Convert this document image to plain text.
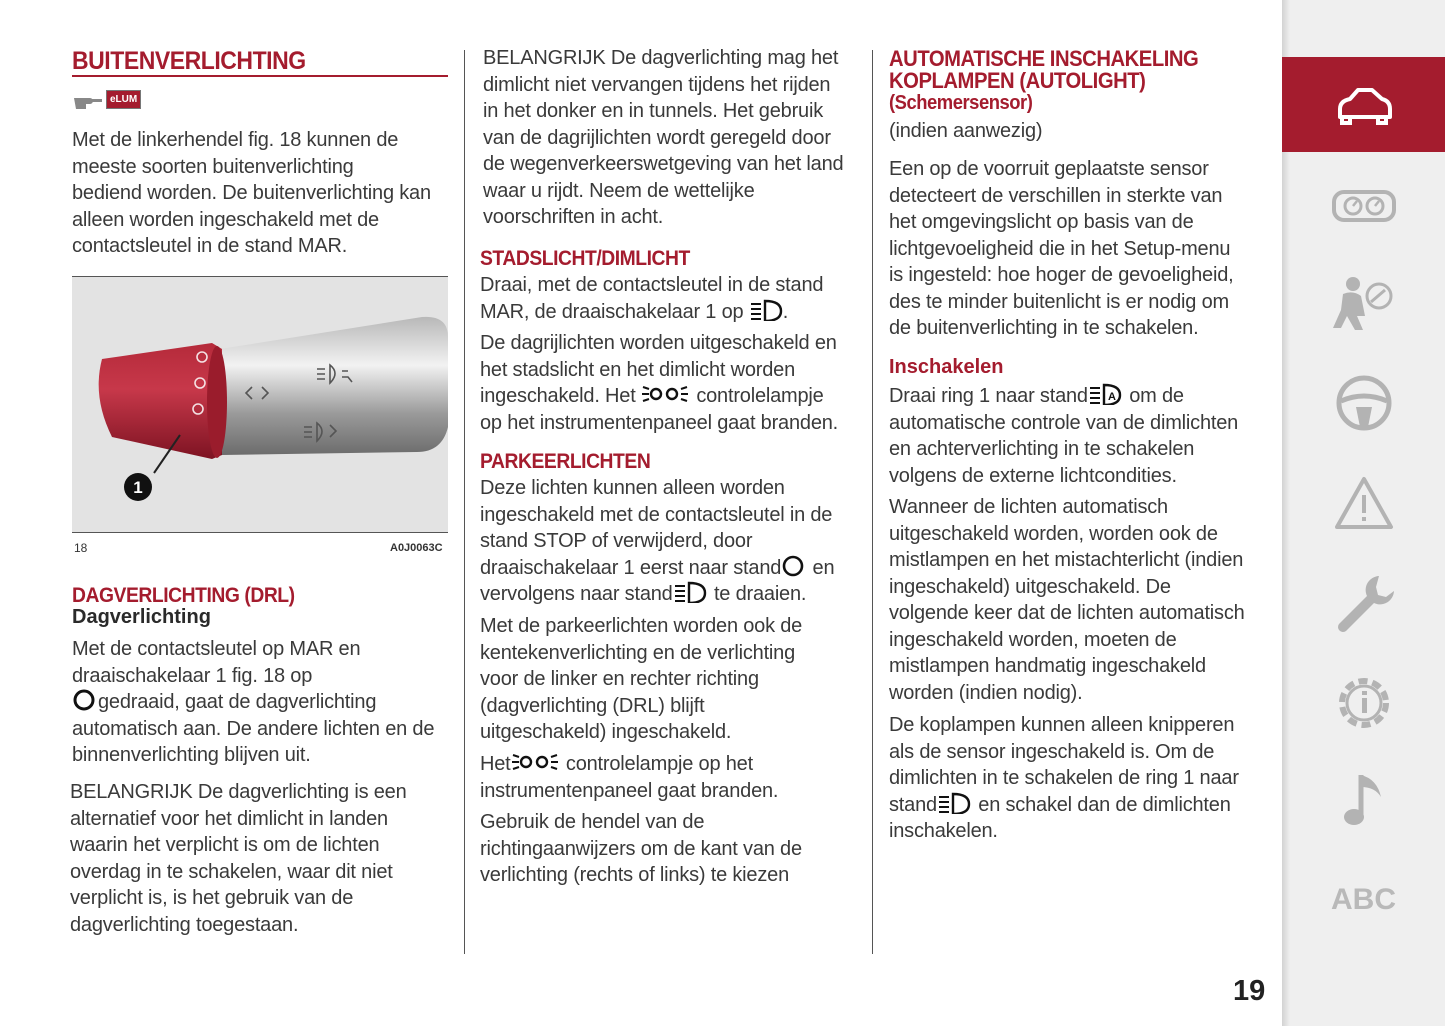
BUITENVERLICHTING
eLUM
Met de linkerhendel fig. 18 kunnen de
meeste soorten buitenverlichting
bediend worden. De buitenverlichting kan
alleen worden ingeschakeld met de
contactsleutel in de stand MAR.
1
18	A0J0063C
DAGVERLICHTING (DRL)
Dagverlichting
Met de contactsleutel op MAR en
draaischakelaar 1 fig. 18 op
gedraaid, gaat de dagverlichting
automatisch aan. De andere lichten en de
binnenverlichting blijven uit.
BELANGRIJK De dagverlichting is een
alternatief voor het dimlicht in landen
waarin het verplicht is om de lichten
overdag in te schakelen, waar dit niet
verplicht is, is het gebruik van de
dagverlichting toegestaan.
BELANGRIJK De dagverlichting mag het
dimlicht niet vervangen tijdens het rijden
in het donker en in tunnels. Het gebruik
van de dagrijlichten wordt geregeld door
de wegenverkeerswetgeving van het land
waar u rijdt. Neem de wettelijke
voorschriften in acht.
STADSLICHT/DIMLICHT
Draai, met de contactsleutel in de stand
MAR, de draaischakelaar 1 op .
De dagrijlichten worden uitgeschakeld en
het stadslicht en het dimlicht worden
ingeschakeld. Het	controlelampje
op het instrumentenpaneel gaat branden.
PARKEERLICHTEN
Deze lichten kunnen alleen worden
ingeschakeld met de contactsleutel in de
stand STOP of verwijderd, door
draaischakelaar 1 eerst naar stand en
vervolgens naar stand te draaien.
Met de parkeerlichten worden ook de
kentekenverlichting en de verlichting
voor de linker en rechter richting
(dagverlichting (DRL) blijft
uitgeschakeld) ingeschakeld.
Het	controlelampje op het
instrumentenpaneel gaat branden.
Gebruik de hendel van de
richtingaanwijzers om de kant van de
verlichting (rechts of links) te kiezen
AUTOMATISCHE INSCHAKELING
KOPLAMPEN (AUTOLIGHT)
(Schemersensor)
(indien aanwezig)
Een op de voorruit geplaatste sensor
detecteert de verschillen in sterkte van
het omgevingslicht op basis van de
lichtgevoeligheid die in het Setup-menu
is ingesteld: hoe hoger de gevoeligheid,
des te minder buitenlicht is er nodig om
de buitenverlichting in te schakelen.
Inschakelen
Draai ring 1 naar stand A om de
automatische controle van de dimlichten
en achterverlichting in te schakelen
volgens de externe lichtcondities.
Wanneer de lichten automatisch
uitgeschakeld worden, worden ook de
mistlampen en het mistachterlicht (indien
ingeschakeld) uitgeschakeld. De
volgende keer dat de lichten automatisch
ingeschakeld worden, moeten de
mistlampen handmatig ingeschakeld
worden (indien nodig).
De koplampen kunnen alleen knipperen
als de sensor ingeschakeld is. Om de
dimlichten in te schakelen de ring 1 naar
stand en schakel dan de dimlichten
inschakelen.
19
ABC
